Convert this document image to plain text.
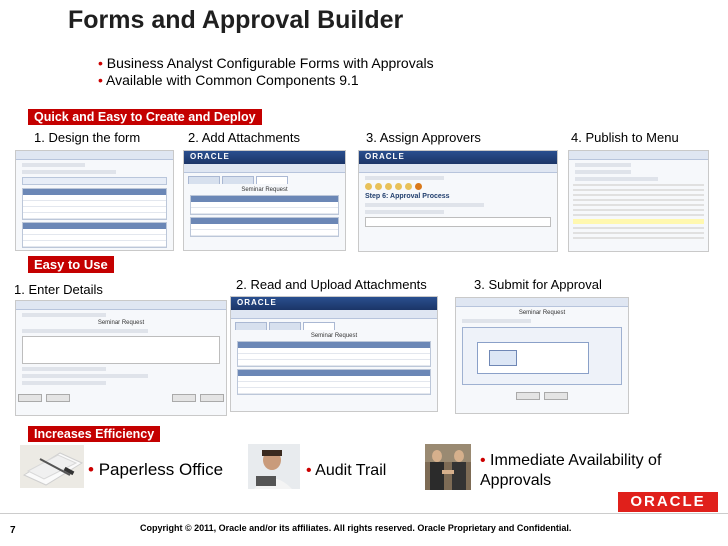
Forms and Approval Builder
• Business Analyst Configurable Forms with Approvals
• Available with Common Components 9.1
Quick and Easy to Create and Deploy
1. Design the form	2. Add Attachments	3. Assign Approvers	4. Publish to Menu
ORACLE
Seminar Request
ORACLE
Step 6: Approval Process
Easy to Use
1. Enter Details	2. Read and Upload Attachments	3. Submit for Approval
Seminar Request
ORACLE
Seminar Request
Seminar Request
Increases Efficiency
• Paperless Office	• Audit Trail
• Immediate Availability of Approvals
ORACLE
7	Copyright © 2011, Oracle and/or its affiliates. All rights reserved. Oracle Proprietary and Confidential.
